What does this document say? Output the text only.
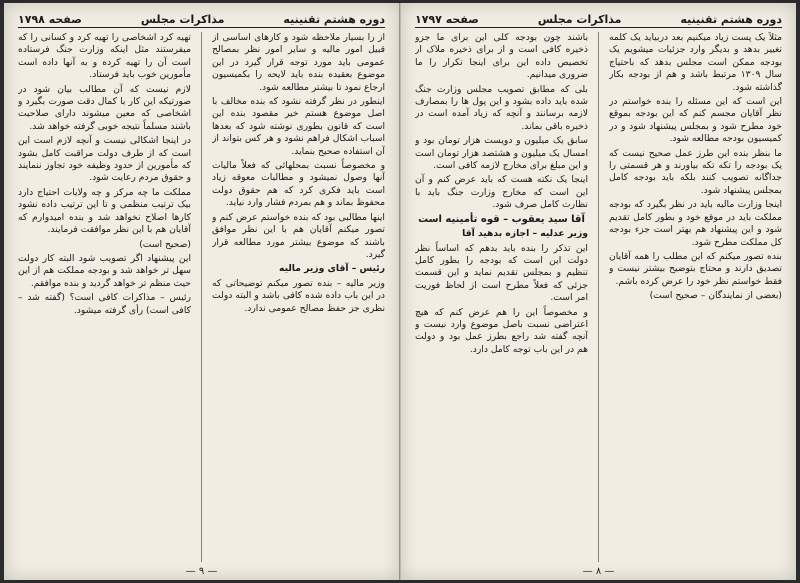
دوره هشتم تقنینیه
مذاکرات مجلس
صفحه ۱۷۹۸

از را بسیار ملاحظه شود و کارهای اساسی از قبیل امور مالیه و سایر امور نظر بمصالح عمومی باید مورد توجه قرار گیرد در این موضوع بعقیده بنده باید لایحه را بکمیسیون ارجاع نمود تا بیشتر مطالعه شود.

اینطور در نظر گرفته نشود که بنده مخالف با اصل موضوع هستم خیر مقصود بنده این است که قانون بطوری نوشته شود که بعدها اسباب اشکال فراهم نشود و هر کس بتواند از آن استفاده صحیح بنماید.

و مخصوصاً نسبت بمحلهائی که فعلاً مالیات آنها وصول نمیشود و مطالبات معوقه زیاد است باید فکری کرد که هم حقوق دولت محفوظ بماند و هم بمردم فشار وارد نیاید.

اینها مطالبی بود که بنده خواستم عرض کنم و تصور میکنم آقایان هم با این نظر موافق باشند که موضوع بیشتر مورد مطالعه قرار گیرد.

رئیس – آقای وزیر مالیه

وزیر مالیه – بنده تصور میکنم توضیحاتی که در این باب داده شده کافی باشد و البته دولت نظری جز حفظ مصالح عمومی ندارد.

تهیه کرد اشخاصی را تهیه کرد و کسانی را که میفرستند مثل اینکه وزارت جنگ فرستاده است آن را تهیه کرده و به آنها داده است مأمورین خوب باید فرستاد.

لازم نیست که آن مطالب بیان شود در صورتیکه این کار با کمال دقت صورت بگیرد و اشخاصی که معین میشوند دارای صلاحیت باشند مسلماً نتیجه خوبی گرفته خواهد شد.

در اینجا اشکالی نیست و آنچه لازم است این است که از طرف دولت مراقبت کامل بشود که مأمورین از حدود وظیفه خود تجاوز ننمایند و حقوق مردم رعایت شود.

مملکت ما چه مرکز و چه ولایات احتیاج دارد بیک ترتیب منظمی و تا این ترتیب داده نشود کارها اصلاح نخواهد شد و بنده امیدوارم که آقایان هم با این نظر موافقت فرمایند.

(صحیح است)

این پیشنهاد اگر تصویب شود البته کار دولت سهل تر خواهد شد و بودجه مملکت هم از این حیث منظم تر خواهد گردید و بنده موافقم.

رئیس – مذاکرات کافی است؟ (گفته شد – کافی است) رأی گرفته میشود.

— ۹ —
دوره هشتم تقنینیه
مذاکرات مجلس
صفحه ۱۷۹۷

مثلاً یک پست زیاد میکنیم بعد دربیاید یک کلمه تغییر بدهد و بدیگر وارد جزئیات میشویم یک بودجه ممکن است مجلس بدهد که باحتیاج سال ۱۳۰۹ مرتبط باشد و هم از بودجه بکار گذاشته شود.

این است که این مسئله را بنده خواستم در نظر آقایان مجسم کنم که این بودجه بموقع خود مطرح شود و بمجلس پیشنهاد شود و در کمیسیون بودجه مطالعه شود.

ما بنظر بنده این طرز عمل صحیح نیست که یک بودجه را تکه تکه بیاورند و هر قسمتی را جداگانه تصویب کنند بلکه باید بودجه کامل بمجلس پیشنهاد شود.

اینجا وزارت مالیه باید در نظر بگیرد که بودجه مملکت باید در موقع خود و بطور کامل تقدیم شود و این پیشنهاد هم بهتر است جزء بودجه کل مملکت مطرح شود.

بنده تصور میکنم که این مطلب را همه آقایان تصدیق دارند و محتاج بتوضیح بیشتر نیست و فقط خواستم نظر خود را عرض کرده باشم.

(بعضی از نمایندگان – صحیح است)

باشند چون بودجه کلی این برای ما جزو ذخیره کافی است و از برای ذخیره ملاک ار تخصیص داده این برای اینجا تکرار را ما ضروری میدانیم.

بلی که مطابق تصویب مجلس وزارت جنگ شده باید داده بشود و این پول ها را بمصارف لازمه برسانند و آنچه که زیاد آمده است در ذخیره باقی بماند.

سابق یک میلیون و دویست هزار تومان بود و امسال یک میلیون و هشتصد هزار تومان است و این مبلغ برای مخارج لازمه کافی است.

اینجا یک نکته هست که باید عرض کنم و آن این است که مخارج وزارت جنگ باید با نظارت کامل صرف شود.

آقا سید یعقوب – قوه تأمینیه است

وزیر عدلیه – اجازه بدهید آقا

این تذکر را بنده باید بدهم که اساساً نظر دولت این است که بودجه را بطور کامل تنظیم و بمجلس تقدیم نماید و این قسمت جزئی که فعلاً مطرح است از لحاظ فوریت امر است.

و مخصوصاً این را هم عرض کنم که هیچ اعتراضی نسبت باصل موضوع وارد نیست و آنچه گفته شد راجع بطرز عمل بود و دولت هم در این باب توجه کامل دارد.

— ۸ —
